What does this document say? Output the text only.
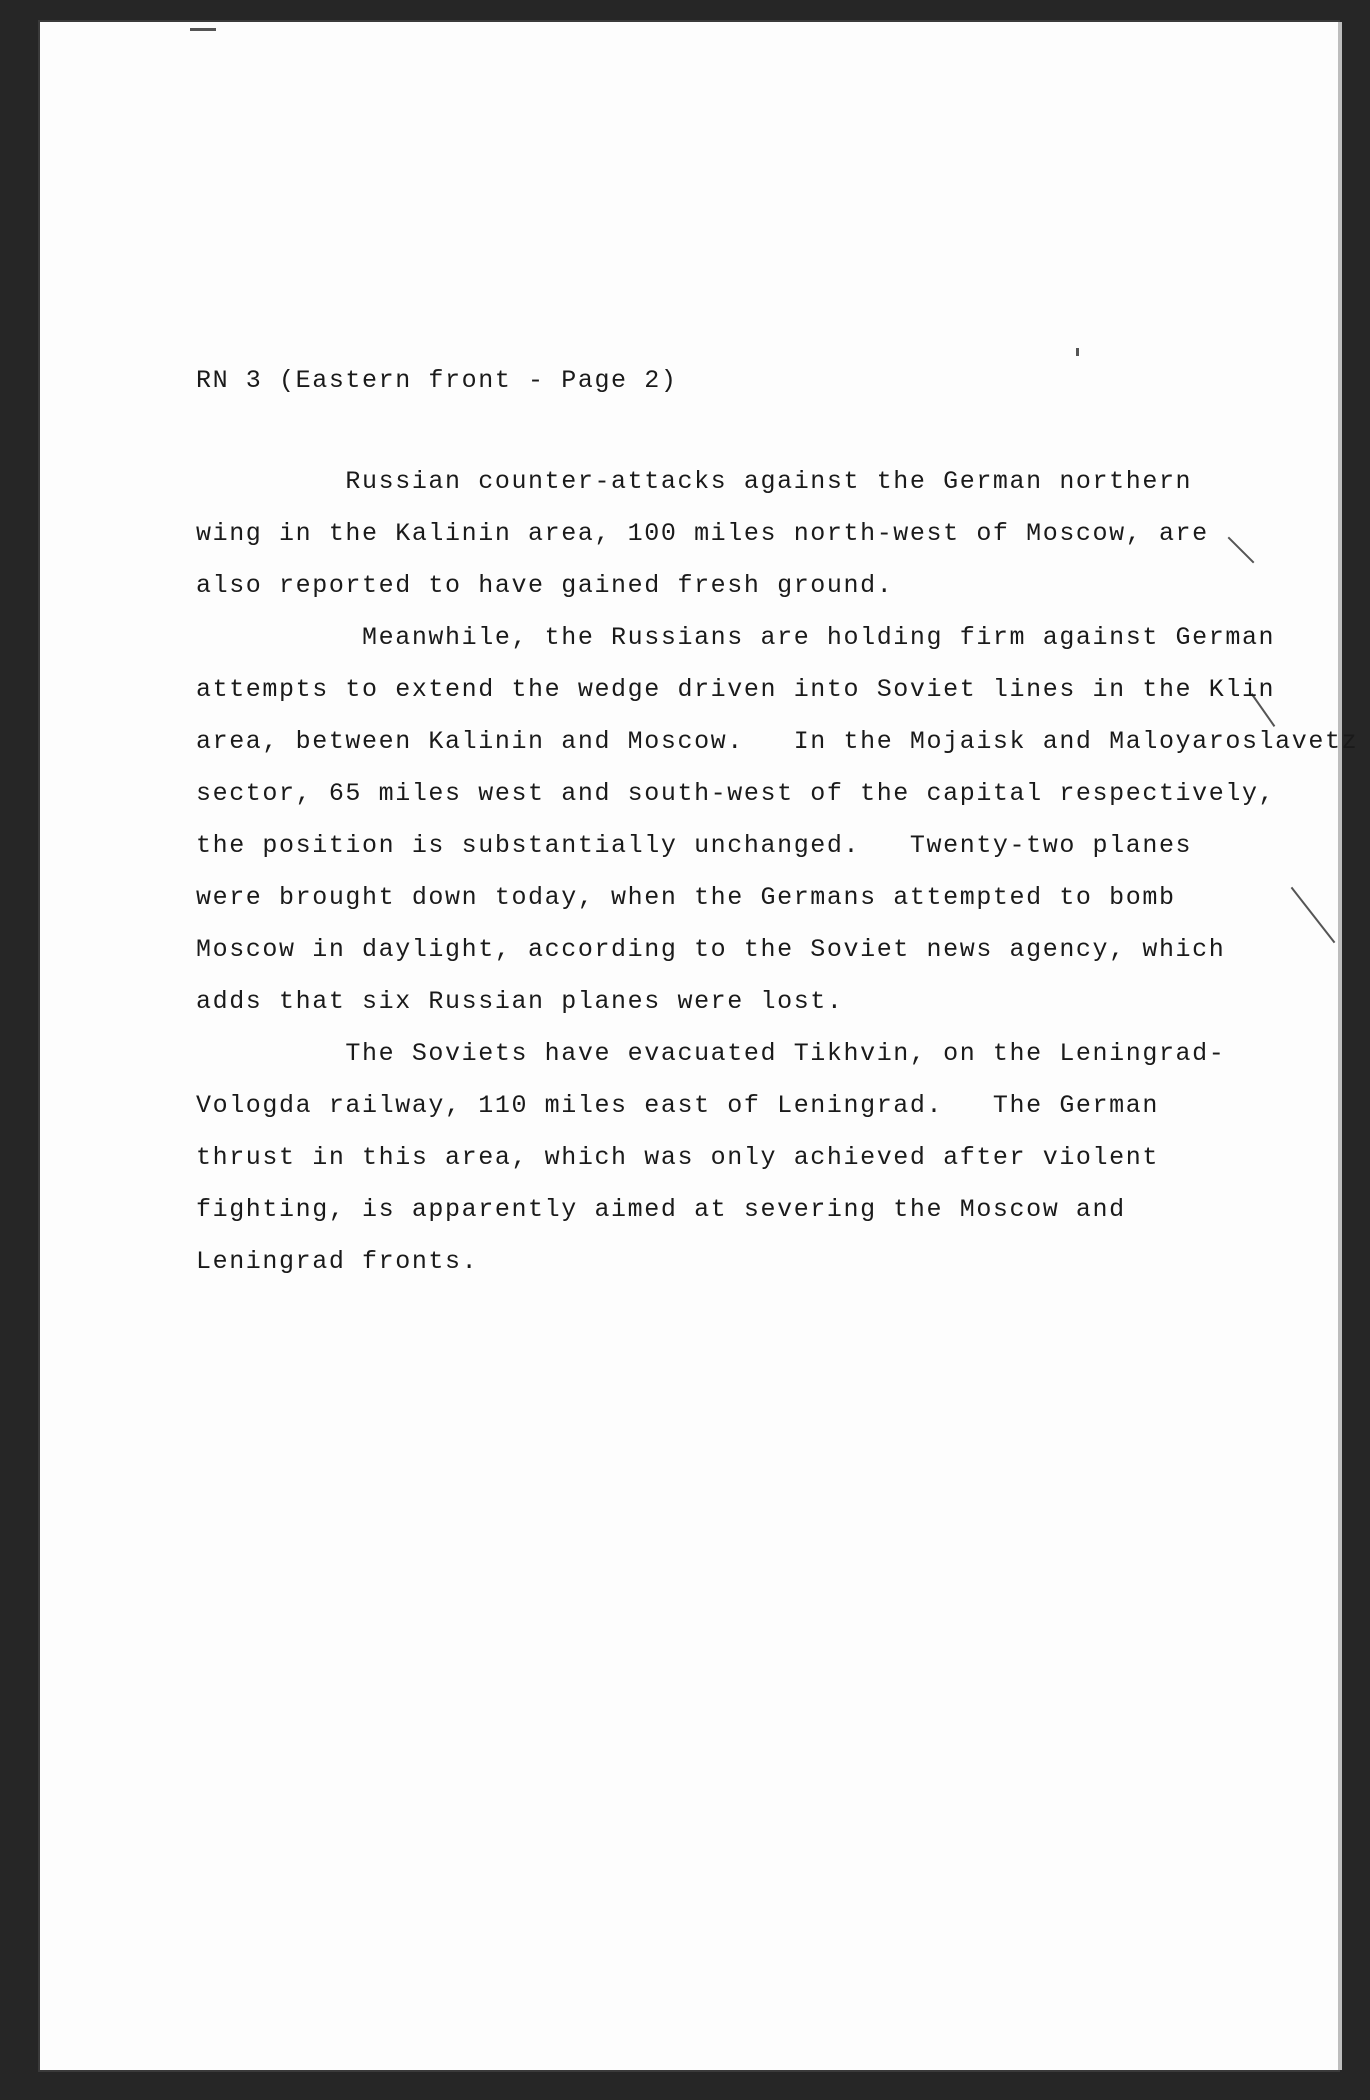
RN 3 (Eastern front - Page 2)

Russian counter-attacks against the German northern

wing in the Kalinin area, 100 miles north-west of Moscow, are

also reported to have gained fresh ground.

Meanwhile, the Russians are holding firm against German

attempts to extend the wedge driven into Soviet lines in the Klin

area, between Kalinin and Moscow.   In the Mojaisk and Maloyaroslavetz

sector, 65 miles west and south-west of the capital respectively,

the position is substantially unchanged.   Twenty-two planes

were brought down today, when the Germans attempted to bomb

Moscow in daylight, according to the Soviet news agency, which

adds that six Russian planes were lost.

The Soviets have evacuated Tikhvin, on the Leningrad-

Vologda railway, 110 miles east of Leningrad.   The German

thrust in this area, which was only achieved after violent

fighting, is apparently aimed at severing the Moscow and

Leningrad fronts.
